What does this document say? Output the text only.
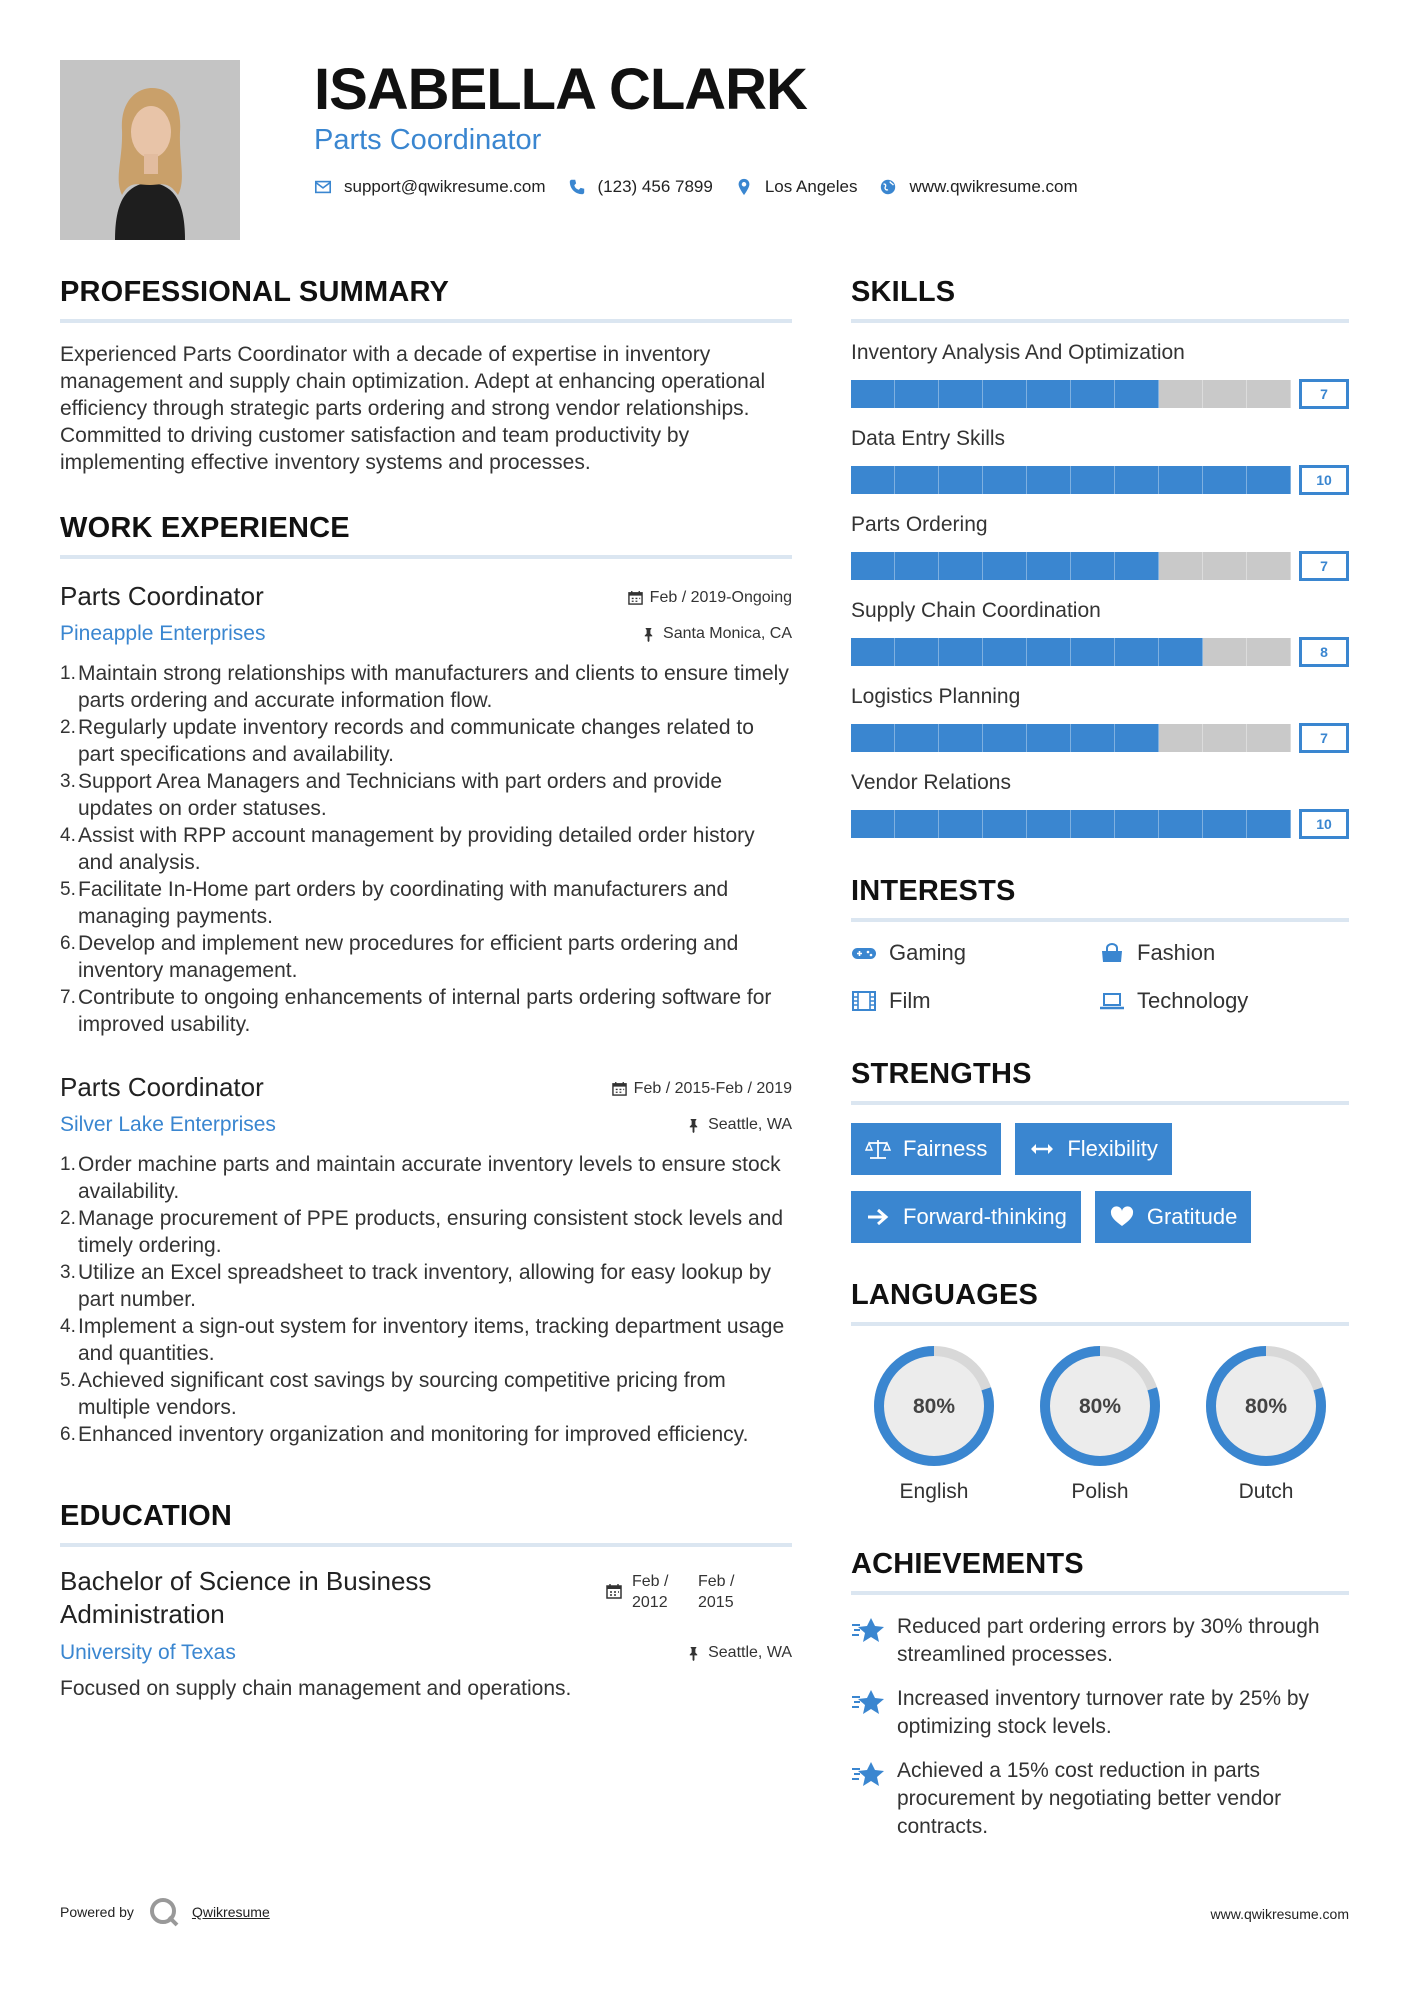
ISABELLA CLARK
Parts Coordinator
support@qwikresume.com	(123) 456 7899	Los Angeles	www.qwikresume.com
PROFESSIONAL SUMMARY

Experienced Parts Coordinator with a decade of expertise in inventory management and supply chain optimization. Adept at enhancing operational efficiency through strategic parts ordering and strong vendor relationships. Committed to driving customer satisfaction and team productivity by implementing effective inventory systems and processes.

WORK EXPERIENCE
Parts Coordinator	Feb / 2019-Ongoing
Pineapple Enterprises	Santa Monica, CA
1. Maintain strong relationships with manufacturers and clients to ensure timely parts ordering and accurate information flow.
2. Regularly update inventory records and communicate changes related to part specifications and availability.
3. Support Area Managers and Technicians with part orders and provide updates on order statuses.
4. Assist with RPP account management by providing detailed order history and analysis.
5. Facilitate In-Home part orders by coordinating with manufacturers and managing payments.
6. Develop and implement new procedures for efficient parts ordering and inventory management.
7. Contribute to ongoing enhancements of internal parts ordering software for improved usability.
Parts Coordinator	Feb / 2015-Feb / 2019
Silver Lake Enterprises	Seattle, WA
1. Order machine parts and maintain accurate inventory levels to ensure stock availability.
2. Manage procurement of PPE products, ensuring consistent stock levels and timely ordering.
3. Utilize an Excel spreadsheet to track inventory, allowing for easy lookup by part number.
4. Implement a sign-out system for inventory items, tracking department usage and quantities.
5. Achieved significant cost savings by sourcing competitive pricing from multiple vendors.
6. Enhanced inventory organization and monitoring for improved efficiency.
EDUCATION
Bachelor of Science in Business Administration
Feb / 2012
Feb / 2015
University of Texas	Seattle, WA
Focused on supply chain management and operations.
SKILLS
Inventory Analysis And Optimization
7
Data Entry Skills
10
Parts Ordering
7
Supply Chain Coordination
8
Logistics Planning
7
Vendor Relations
10
INTERESTS
Gaming	Fashion
Film	Technology
STRENGTHS
Fairness	Flexibility
Forward-thinking	Gratitude
LANGUAGES
80%
English
80%
Polish
80%
Dutch
ACHIEVEMENTS
Reduced part ordering errors by 30% through streamlined processes.
Increased inventory turnover rate by 25% by optimizing stock levels.
Achieved a 15% cost reduction in parts procurement by negotiating better vendor contracts.
Powered by	Qwikresume	www.qwikresume.com
